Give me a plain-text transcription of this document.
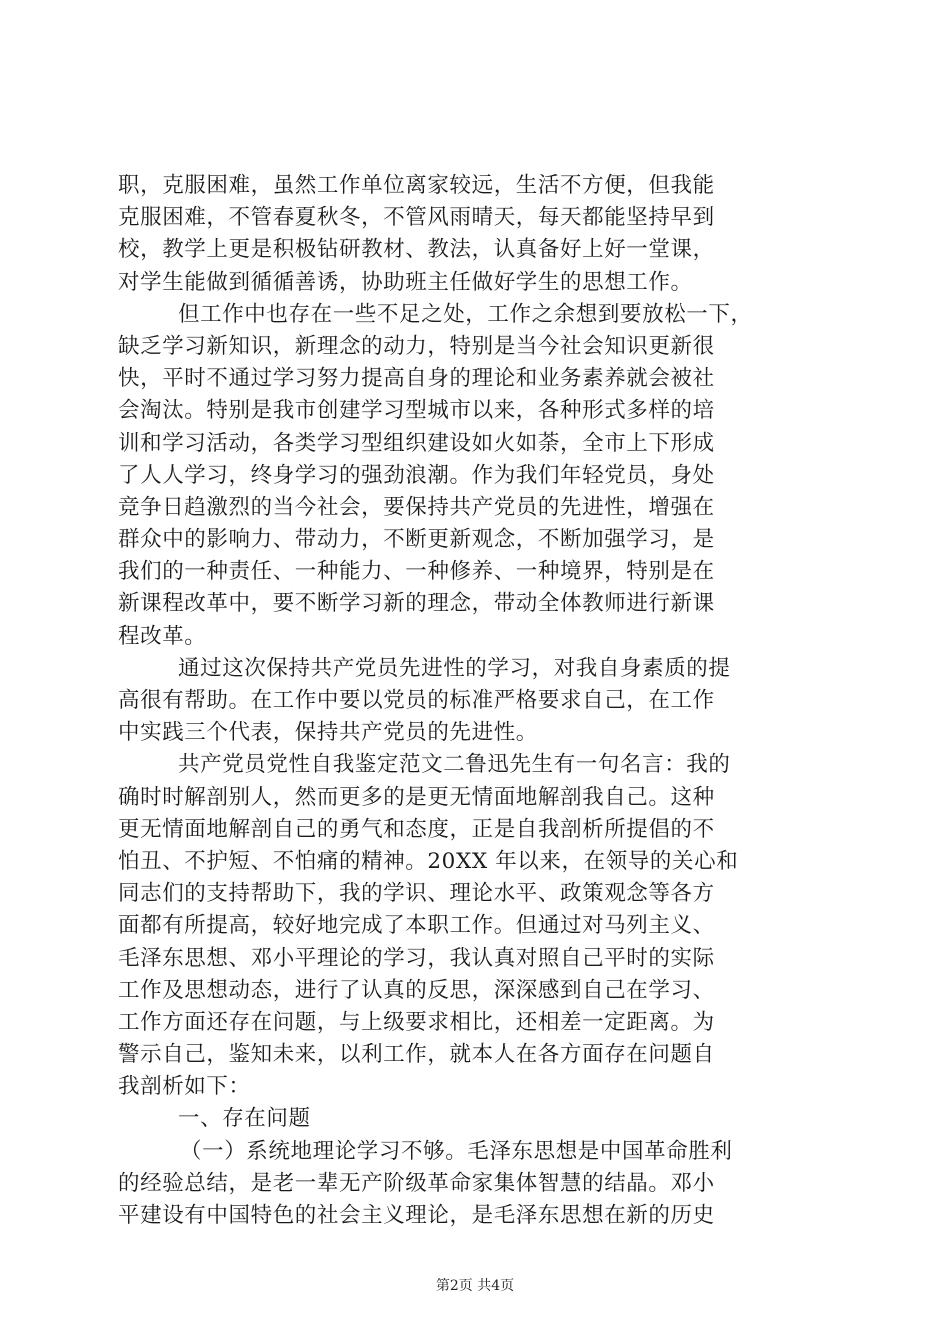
职，克服困难，虽然工作单位离家较远，生活不方便，但我能
克服困难，不管春夏秋冬，不管风雨晴天，每天都能坚持早到
校，教学上更是积极钻研教材、教法，认真备好上好一堂课，
对学生能做到循循善诱，协助班主任做好学生的思想工作。
但工作中也存在一些不足之处，工作之余想到要放松一下，
缺乏学习新知识，新理念的动力，特别是当今社会知识更新很
快，平时不通过学习努力提高自身的理论和业务素养就会被社
会淘汰。特别是我市创建学习型城市以来，各种形式多样的培
训和学习活动，各类学习型组织建设如火如荼，全市上下形成
了人人学习，终身学习的强劲浪潮。作为我们年轻党员，身处
竞争日趋激烈的当今社会，要保持共产党员的先进性，增强在
群众中的影响力、带动力，不断更新观念，不断加强学习，是
我们的一种责任、一种能力、一种修养、一种境界，特别是在
新课程改革中，要不断学习新的理念，带动全体教师进行新课
程改革。
通过这次保持共产党员先进性的学习，对我自身素质的提
高很有帮助。在工作中要以党员的标准严格要求自己，在工作
中实践三个代表，保持共产党员的先进性。
共产党员党性自我鉴定范文二鲁迅先生有一句名言：我的
确时时解剖别人，然而更多的是更无情面地解剖我自己。这种
更无情面地解剖自己的勇气和态度，正是自我剖析所提倡的不
怕丑、不护短、不怕痛的精神。20XX 年以来，在领导的关心和
同志们的支持帮助下，我的学识、理论水平、政策观念等各方
面都有所提高，较好地完成了本职工作。但通过对马列主义、
毛泽东思想、邓小平理论的学习，我认真对照自己平时的实际
工作及思想动态，进行了认真的反思，深深感到自己在学习、
工作方面还存在问题，与上级要求相比，还相差一定距离。为
警示自己，鉴知未来，以利工作，就本人在各方面存在问题自
我剖析如下：
一、存在问题
（一）系统地理论学习不够。毛泽东思想是中国革命胜利
的经验总结，是老一辈无产阶级革命家集体智慧的结晶。邓小
平建设有中国特色的社会主义理论，是毛泽东思想在新的历史
第2页 共4页
